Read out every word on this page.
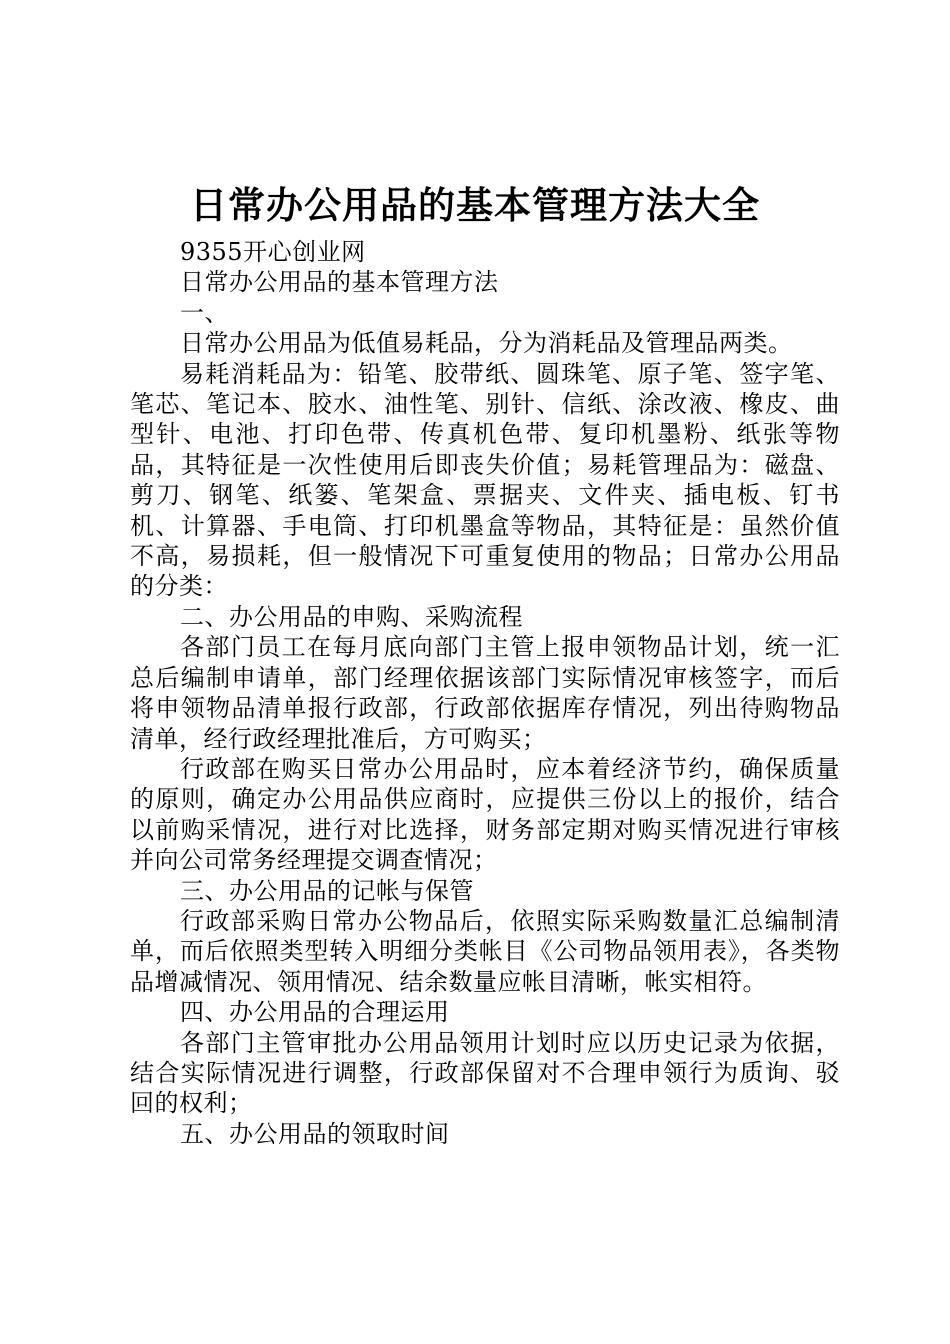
日常办公用品的基本管理方法大全

9355开心创业网

日常办公用品的基本管理方法

一、

日常办公用品为低值易耗品，分为消耗品及管理品两类。

易耗消耗品为：铅笔、胶带纸、圆珠笔、原子笔、签字笔、笔芯、笔记本、胶水、油性笔、别针、信纸、涂改液、橡皮、曲型针、电池、打印色带、传真机色带、复印机墨粉、纸张等物品，其特征是一次性使用后即丧失价值；易耗管理品为：磁盘、剪刀、钢笔、纸篓、笔架盒、票据夹、文件夹、插电板、钉书机、计算器、手电筒、打印机墨盒等物品，其特征是：虽然价值不高，易损耗，但一般情况下可重复使用的物品；日常办公用品的分类：

二、办公用品的申购、采购流程

各部门员工在每月底向部门主管上报申领物品计划，统一汇总后编制申请单，部门经理依据该部门实际情况审核签字，而后将申领物品清单报行政部，行政部依据库存情况，列出待购物品清单，经行政经理批准后，方可购买；

行政部在购买日常办公用品时，应本着经济节约，确保质量的原则，确定办公用品供应商时，应提供三份以上的报价，结合以前购采情况，进行对比选择，财务部定期对购买情况进行审核并向公司常务经理提交调查情况；

三、办公用品的记帐与保管

行政部采购日常办公物品后，依照实际采购数量汇总编制清单，而后依照类型转入明细分类帐目《公司物品领用表》，各类物品增减情况、领用情况、结余数量应帐目清晰，帐实相符。

四、办公用品的合理运用

各部门主管审批办公用品领用计划时应以历史记录为依据，结合实际情况进行调整，行政部保留对不合理申领行为质询、驳回的权利；

五、办公用品的领取时间
